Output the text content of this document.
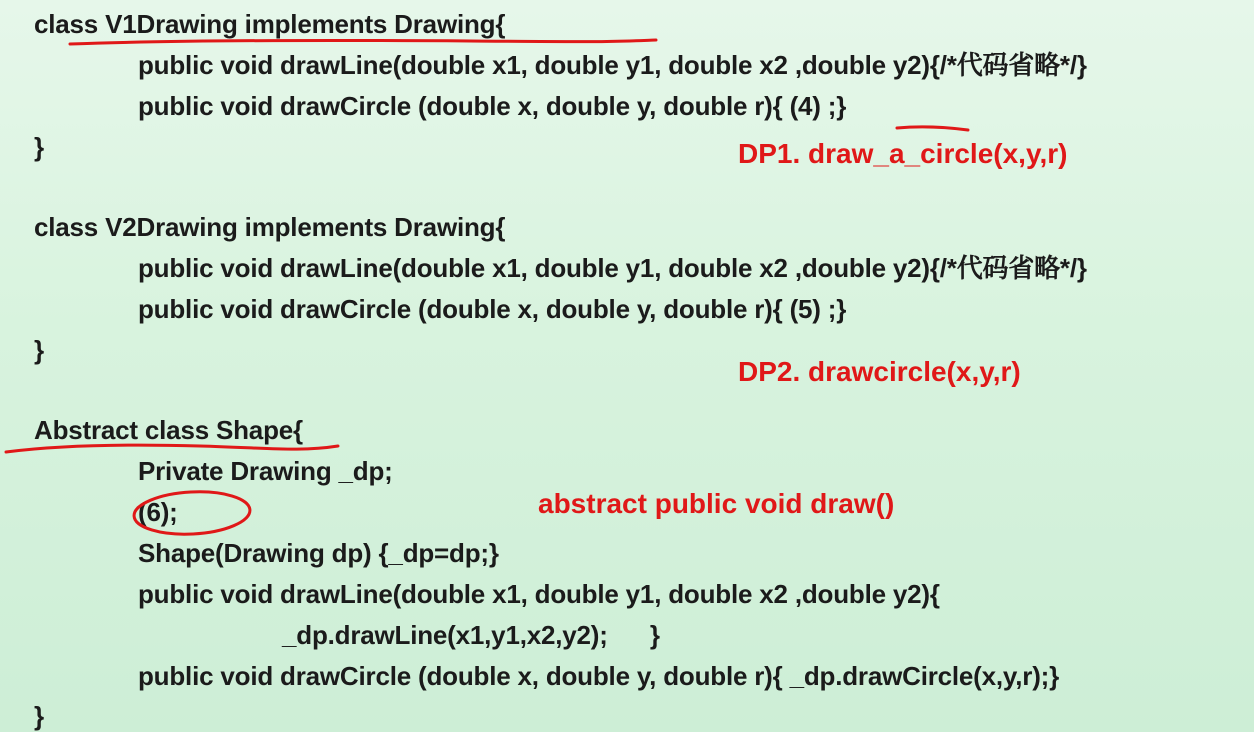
class V1Drawing implements Drawing{
public void drawLine(double x1, double y1, double x2 ,double y2){/*代码省略*/}
public void drawCircle (double x, double y, double r){ (4) ;}
}	DP1. draw_a_circle(x,y,r)
class V2Drawing implements Drawing{
public void drawLine(double x1, double y1, double x2 ,double y2){/*代码省略*/}
public void drawCircle (double x, double y, double r){ (5) ;}
}
DP2. drawcircle(x,y,r)
Abstract class Shape{
Private Drawing _dp;
(6);	abstract public void draw()
Shape(Drawing dp) {_dp=dp;}
public void drawLine(double x1, double y1, double x2 ,double y2){
_dp.drawLine(x1,y1,x2,y2);      }
public void drawCircle (double x, double y, double r){ _dp.drawCircle(x,y,r);}
}
